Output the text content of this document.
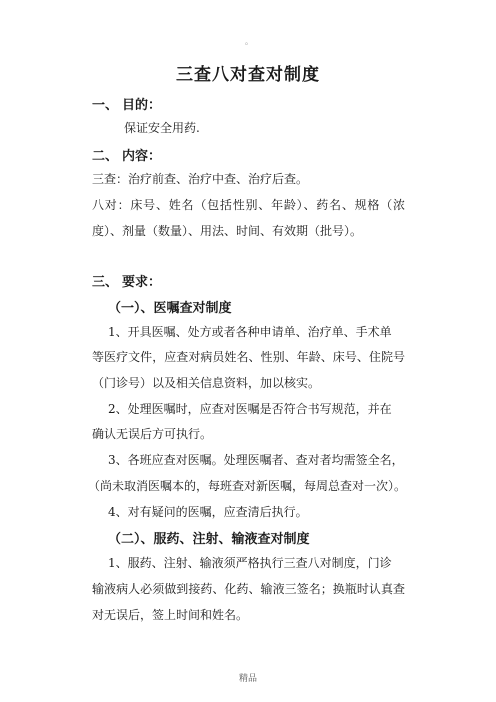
。
三查八对查对制度
一、 目的：
保证安全用药.
二、 内容：
三查：治疗前查、治疗中查、治疗后查。
八对：床号、姓名（包括性别、年龄）、药名、规格（浓
度）、剂量（数量）、用法、时间、有效期（批号）。
三、 要求：
（一）、医嘱查对制度
1、开具医嘱、处方或者各种申请单、治疗单、手术单
等医疗文件，应查对病员姓名、性别、年龄、床号、住院号
（门诊号）以及相关信息资料，加以核实。
2、处理医嘱时，应查对医嘱是否符合书写规范，并在
确认无误后方可执行。
3、各班应查对医嘱。处理医嘱者、查对者均需签全名，
（尚未取消医嘱本的，每班查对新医嘱，每周总查对一次）。
4、对有疑问的医嘱，应查清后执行。
（二）、服药、注射、输液查对制度
1、服药、注射、输液须严格执行三查八对制度，门诊
输液病人必须做到接药、化药、输液三签名；换瓶时认真查
对无误后，签上时间和姓名。
精品
